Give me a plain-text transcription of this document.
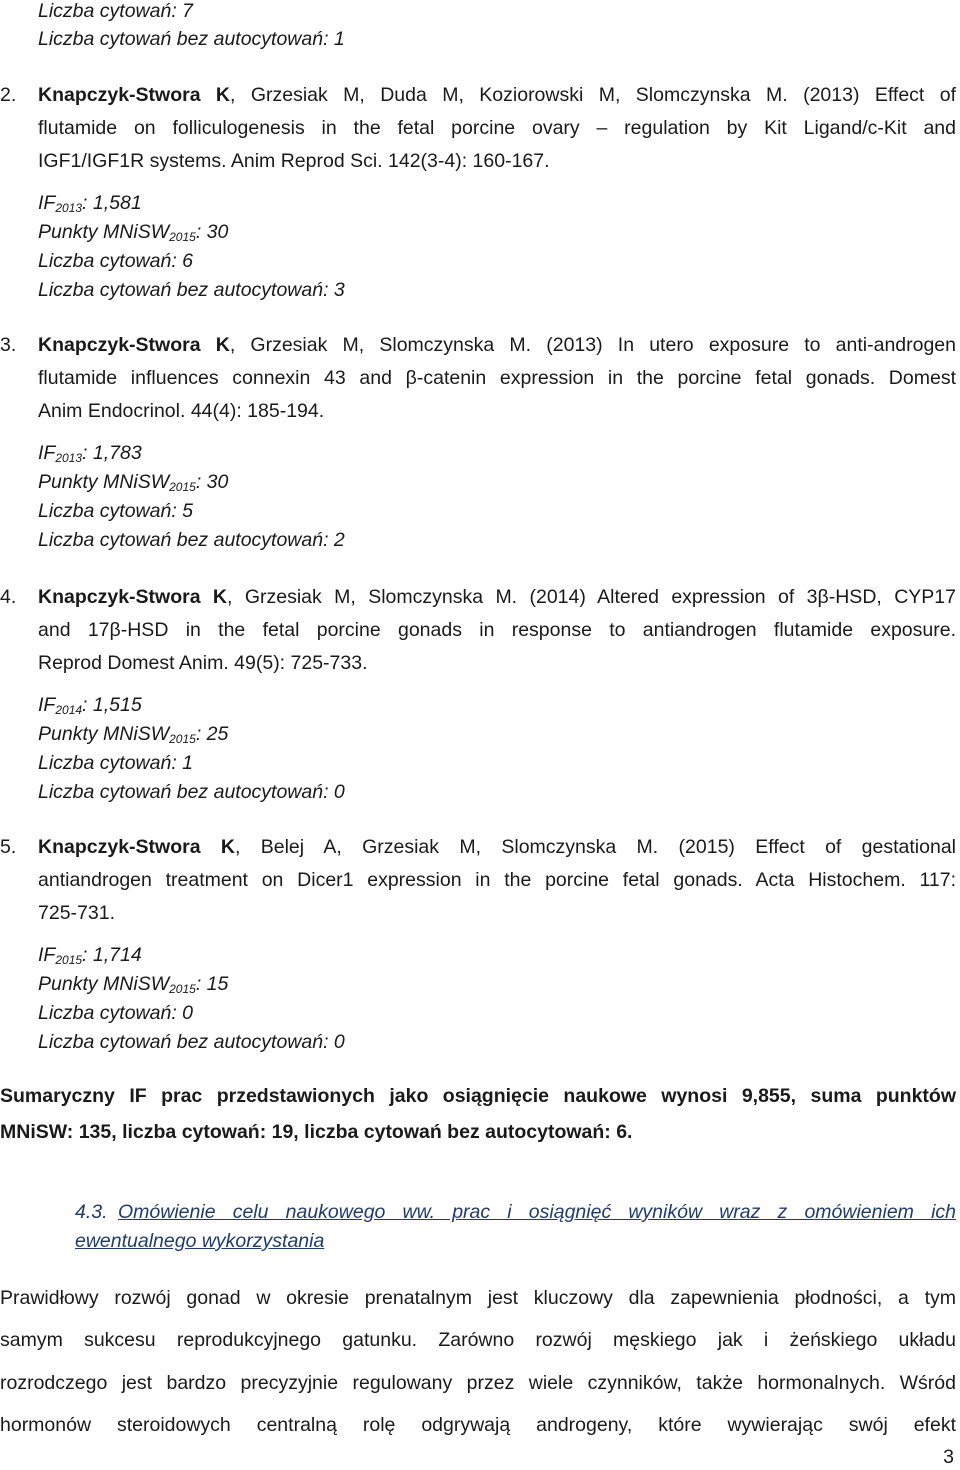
Liczba cytowań: 7
Liczba cytowań bez autocytowań: 1
2. Knapczyk-Stwora K, Grzesiak M, Duda M, Koziorowski M, Slomczynska M. (2013) Effect of
flutamide on folliculogenesis in the fetal porcine ovary – regulation by Kit Ligand/c-Kit and
IGF1/IGF1R systems. Anim Reprod Sci. 142(3-4): 160-167.
$IF_{2013}$: 1,581
Punkty MNiSW$_{2015}$: 30
Liczba cytowań: 6
Liczba cytowań bez autocytowań: 3
3. Knapczyk-Stwora K, Grzesiak M, Slomczynska M. (2013) In utero exposure to anti-androgen
flutamide influences connexin 43 and β-catenin expression in the porcine fetal gonads. Domest
Anim Endocrinol. 44(4): 185-194.
$IF_{2013}$: 1,783
Punkty MNiSW$_{2015}$: 30
Liczba cytowań: 5
Liczba cytowań bez autocytowań: 2
4. Knapczyk-Stwora K, Grzesiak M, Slomczynska M. (2014) Altered expression of 3β-HSD, CYP17
and 17β-HSD in the fetal porcine gonads in response to antiandrogen flutamide exposure.
Reprod Domest Anim. 49(5): 725-733.
$IF_{2014}$: 1,515
Punkty MNiSW$_{2015}$: 25
Liczba cytowań: 1
Liczba cytowań bez autocytowań: 0
5. Knapczyk-Stwora K, Belej A, Grzesiak M, Slomczynska M. (2015) Effect of gestational
antiandrogen treatment on Dicer1 expression in the porcine fetal gonads. Acta Histochem. 117:
725-731.
$IF_{2015}$: 1,714
Punkty MNiSW$_{2015}$: 15
Liczba cytowań: 0
Liczba cytowań bez autocytowań: 0
Sumaryczny IF prac przedstawionych jako osiągnięcie naukowe wynosi 9,855, suma punktów
MNiSW: 135, liczba cytowań: 19, liczba cytowań bez autocytowań: 6.
4.3. Omówienie celu naukowego ww. prac i osiągnięć wyników wraz z omówieniem ich
ewentualnego wykorzystania
Prawidłowy rozwój gonad w okresie prenatalnym jest kluczowy dla zapewnienia płodności, a tym
samym sukcesu reprodukcyjnego gatunku. Zarówno rozwój męskiego jak i żeńskiego układu
rozrodczego jest bardzo precyzyjnie regulowany przez wiele czynników, także hormonalnych. Wśród
hormonów steroidowych centralną rolę odgrywają androgeny, które wywierając swój efekt
3
